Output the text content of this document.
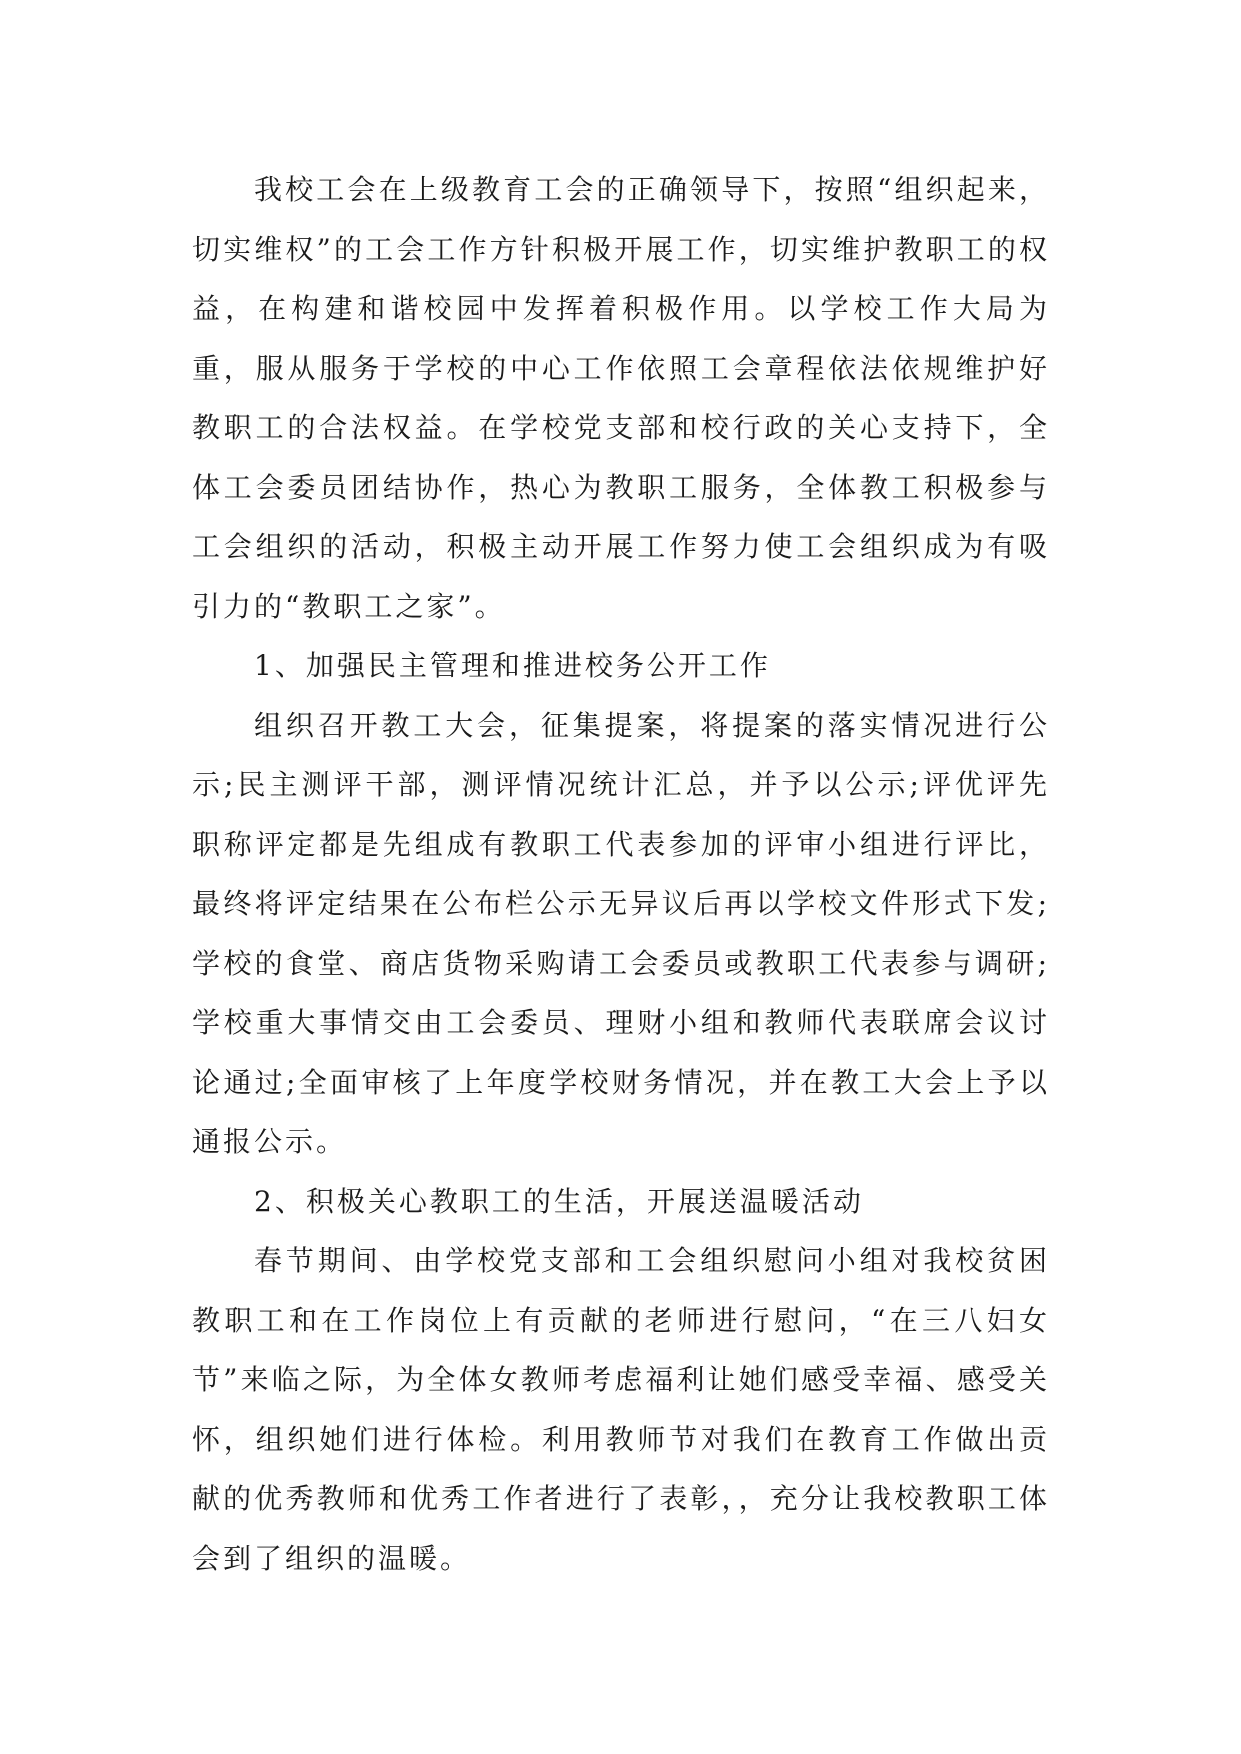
我校工会在上级教育工会的正确领导下，按照“组织起来，切实维权”的工会工作方针积极开展工作，切实维护教职工的权益，在构建和谐校园中发挥着积极作用。以学校工作大局为重，服从服务于学校的中心工作依照工会章程依法依规维护好教职工的合法权益。在学校党支部和校行政的关心支持下，全体工会委员团结协作，热心为教职工服务，全体教工积极参与工会组织的活动，积极主动开展工作努力使工会组织成为有吸引力的“教职工之家”。

1、加强民主管理和推进校务公开工作

组织召开教工大会，征集提案，将提案的落实情况进行公示;民主测评干部，测评情况统计汇总，并予以公示;评优评先职称评定都是先组成有教职工代表参加的评审小组进行评比，最终将评定结果在公布栏公示无异议后再以学校文件形式下发;学校的食堂、商店货物采购请工会委员或教职工代表参与调研;学校重大事情交由工会委员、理财小组和教师代表联席会议讨论通过;全面审核了上年度学校财务情况，并在教工大会上予以通报公示。

2、积极关心教职工的生活，开展送温暖活动

春节期间、由学校党支部和工会组织慰问小组对我校贫困教职工和在工作岗位上有贡献的老师进行慰问，“在三八妇女节”来临之际，为全体女教师考虑福利让她们感受幸福、感受关怀，组织她们进行体检。利用教师节对我们在教育工作做出贡献的优秀教师和优秀工作者进行了表彰，，充分让我校教职工体会到了组织的温暖。
